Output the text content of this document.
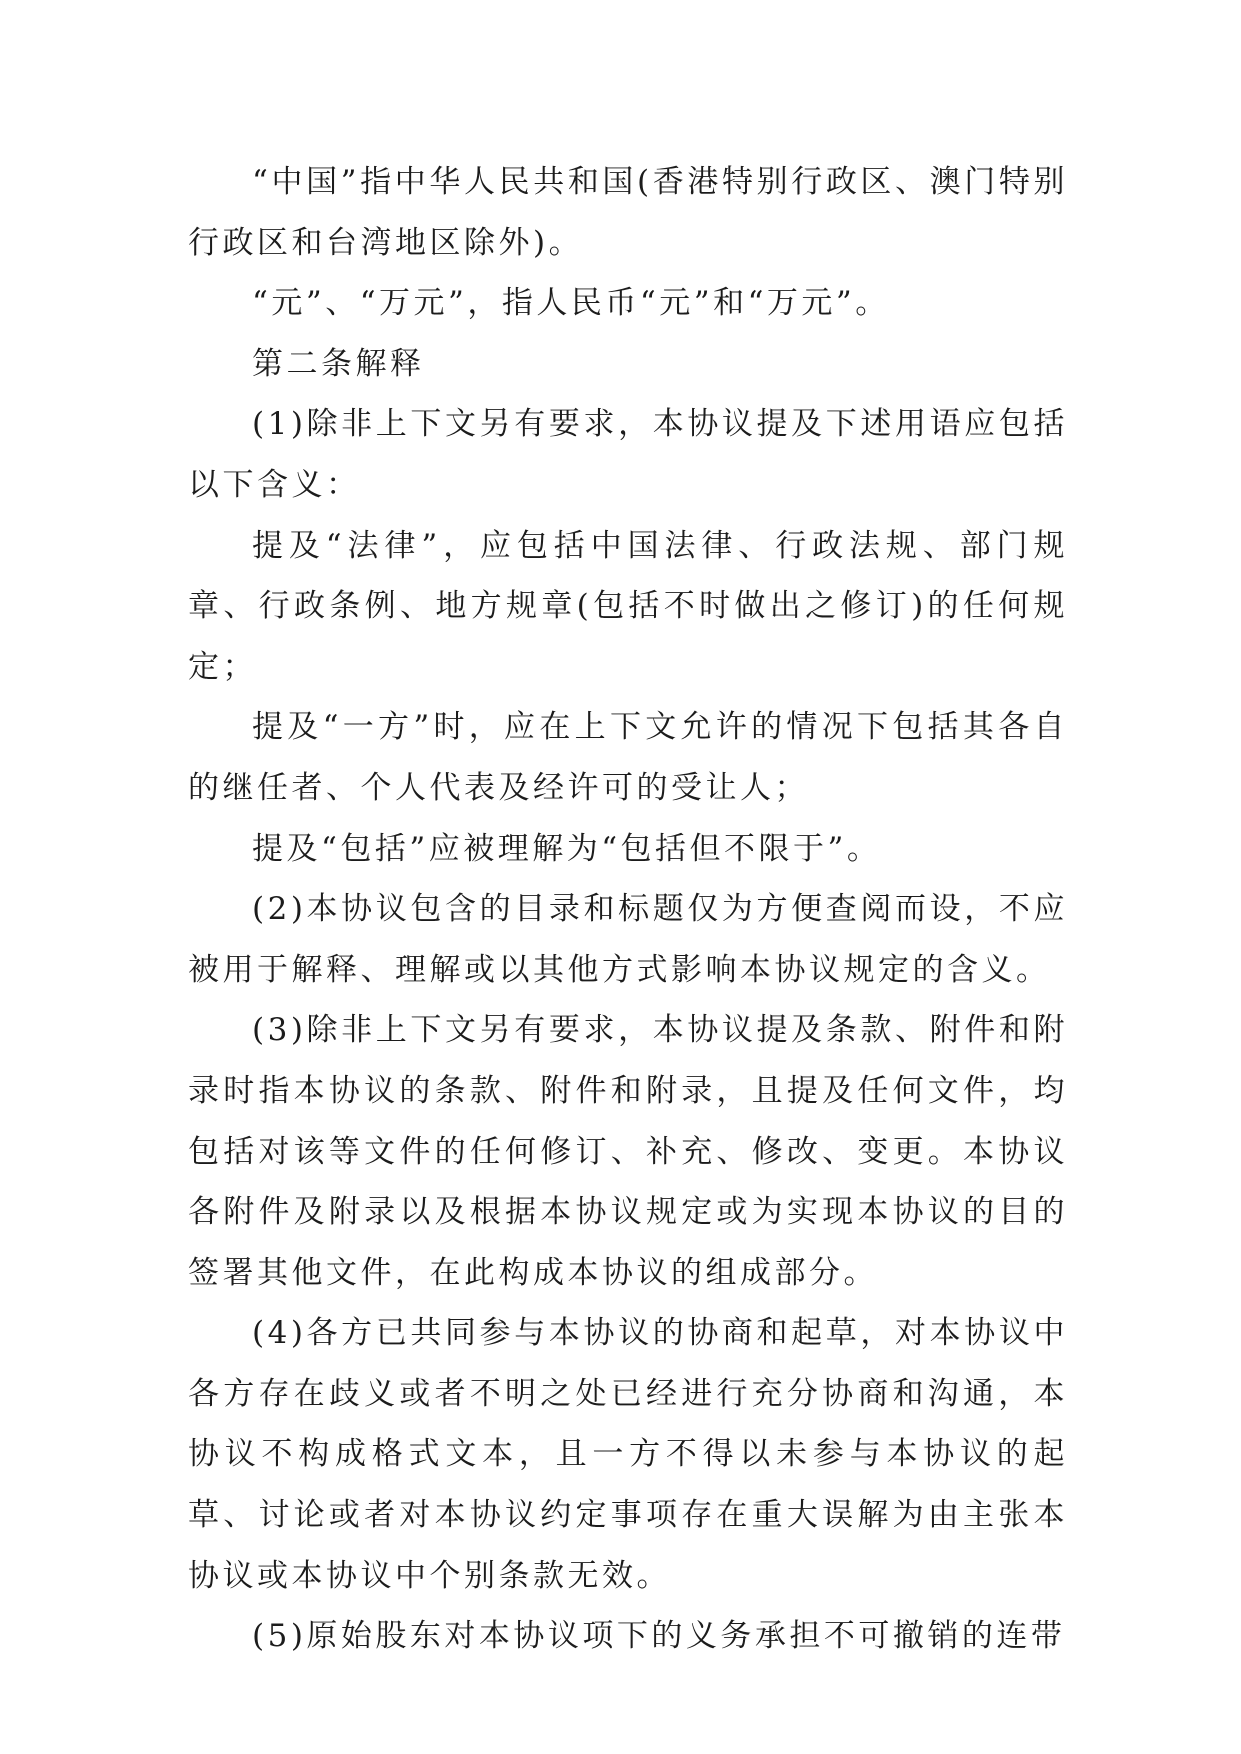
“中国”指中华人民共和国(香港特别行政区、澳门特别行政区和台湾地区除外)。

“元”、“万元”，指人民币“元”和“万元”。

第二条解释

(1)除非上下文另有要求，本协议提及下述用语应包括以下含义：

提及“法律”，应包括中国法律、行政法规、部门规章、行政条例、地方规章(包括不时做出之修订)的任何规定；

提及“一方”时，应在上下文允许的情况下包括其各自的继任者、个人代表及经许可的受让人；

提及“包括”应被理解为“包括但不限于”。

(2)本协议包含的目录和标题仅为方便查阅而设，不应被用于解释、理解或以其他方式影响本协议规定的含义。

(3)除非上下文另有要求，本协议提及条款、附件和附录时指本协议的条款、附件和附录，且提及任何文件，均包括对该等文件的任何修订、补充、修改、变更。本协议各附件及附录以及根据本协议规定或为实现本协议的目的签署其他文件，在此构成本协议的组成部分。

(4)各方已共同参与本协议的协商和起草，对本协议中各方存在歧义或者不明之处已经进行充分协商和沟通，本协议不构成格式文本，且一方不得以未参与本协议的起草、讨论或者对本协议约定事项存在重大误解为由主张本协议或本协议中个别条款无效。

(5)原始股东对本协议项下的义务承担不可撤销的连带
